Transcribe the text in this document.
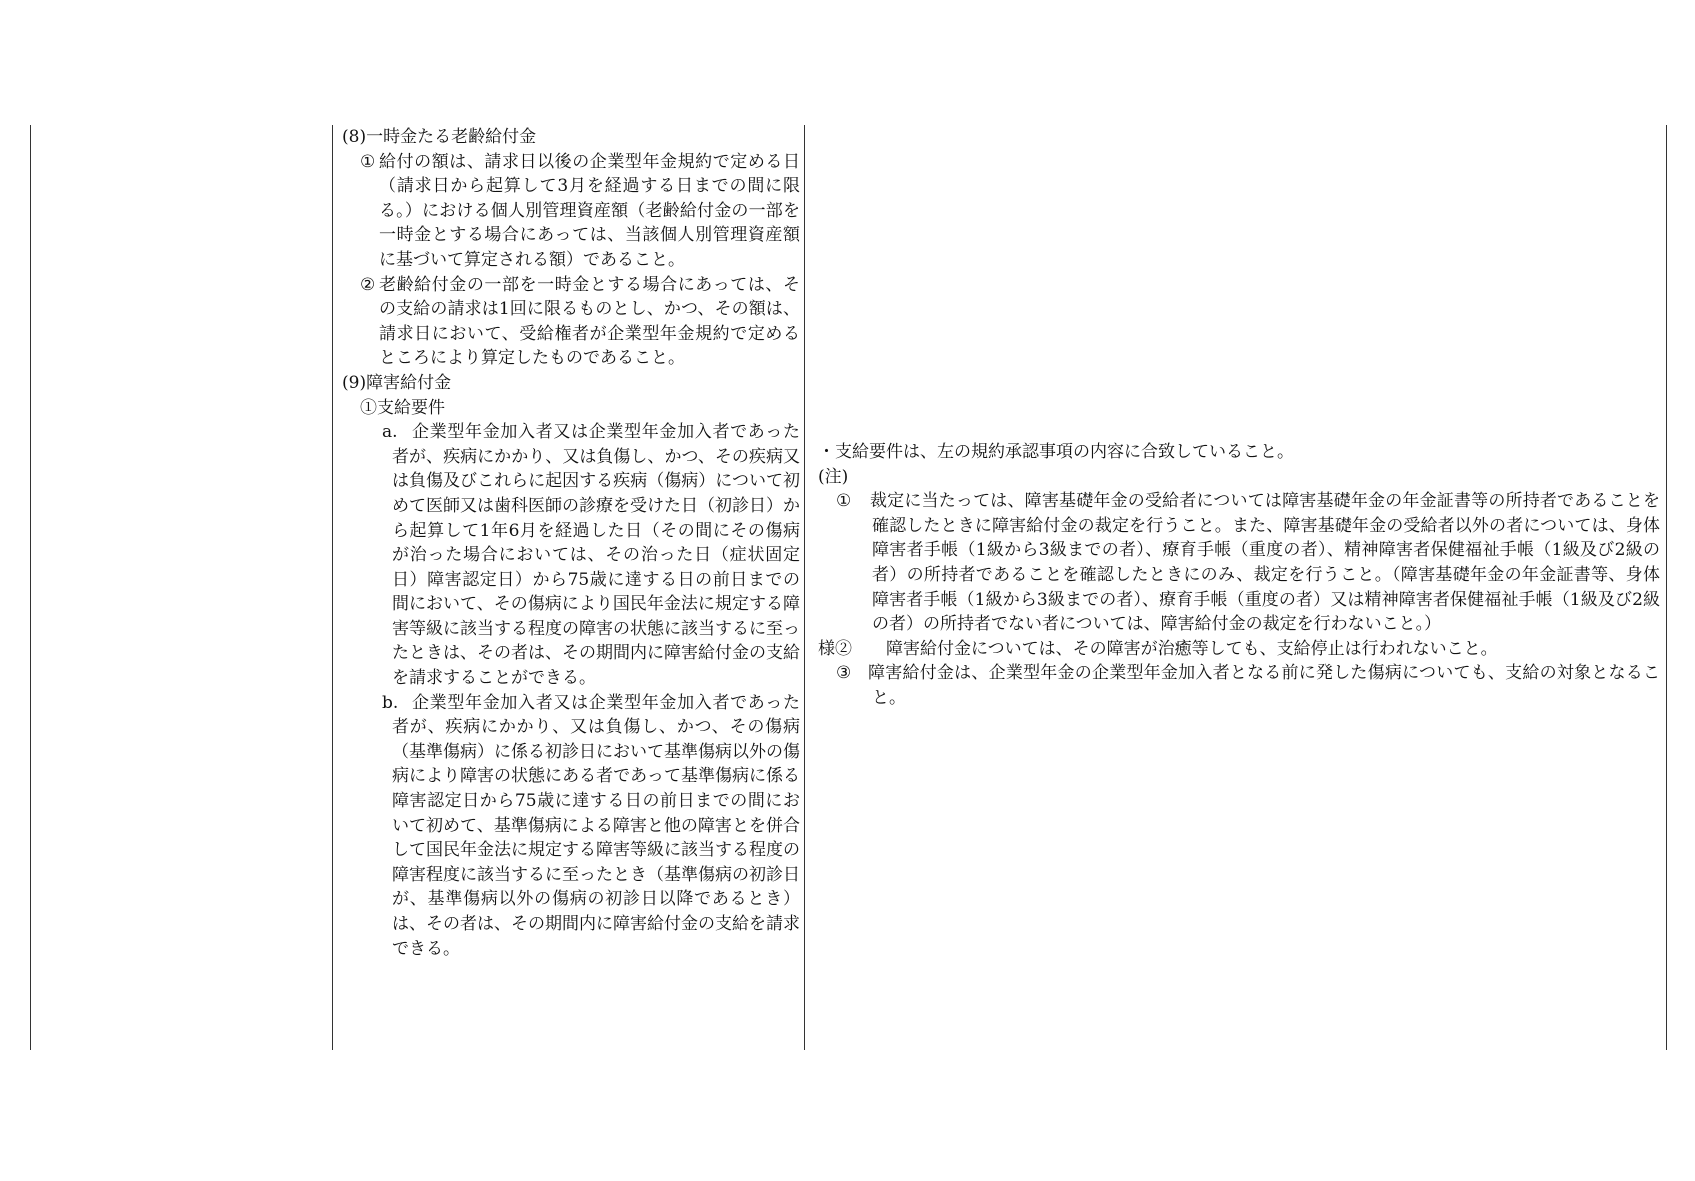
(8)一時金たる老齢給付金
① 給付の額は、請求日以後の企業型年金規約で定める日（請求日から起算して3月を経過する日までの間に限る。）における個人別管理資産額（老齢給付金の一部を一時金とする場合にあっては、当該個人別管理資産額に基づいて算定される額）であること。
② 老齢給付金の一部を一時金とする場合にあっては、その支給の請求は1回に限るものとし、かつ、その額は、請求日において、受給権者が企業型年金規約で定めるところにより算定したものであること。
(9)障害給付金
①支給要件
a. 企業型年金加入者又は企業型年金加入者であった者が、疾病にかかり、又は負傷し、かつ、その疾病又は負傷及びこれらに起因する疾病（傷病）について初めて医師又は歯科医師の診療を受けた日（初診日）から起算して1年6月を経過した日（その間にその傷病が治った場合においては、その治った日（症状固定日）障害認定日）から75歳に達する日の前日までの間において、その傷病により国民年金法に規定する障害等級に該当する程度の障害の状態に該当するに至ったときは、その者は、その期間内に障害給付金の支給を請求することができる。
b. 企業型年金加入者又は企業型年金加入者であった者が、疾病にかかり、又は負傷し、かつ、その傷病（基準傷病）に係る初診日において基準傷病以外の傷病により障害の状態にある者であって基準傷病に係る障害認定日から75歳に達する日の前日までの間において初めて、基準傷病による障害と他の障害とを併合して国民年金法に規定する障害等級に該当する程度の障害程度に該当するに至ったとき（基準傷病の初診日が、基準傷病以外の傷病の初診日以降であるとき）は、その者は、その期間内に障害給付金の支給を請求できる。
・支給要件は、左の規約承認事項の内容に合致していること。
(注)
① 裁定に当たっては、障害基礎年金の受給者については障害基礎年金の年金証書等の所持者であることを確認したときに障害給付金の裁定を行うこと。また、障害基礎年金の受給者以外の者については、身体障害者手帳（1級から3級までの者）、療育手帳（重度の者）、精神障害者保健福祉手帳（1級及び2級の者）の所持者であることを確認したときにのみ、裁定を行うこと。（障害基礎年金の年金証書等、身体障害者手帳（1級から3級までの者）、療育手帳（重度の者）又は精神障害者保健福祉手帳（1級及び2級の者）の所持者でない者については、障害給付金の裁定を行わないこと。）
様② 障害給付金については、その障害が治癒等しても、支給停止は行われないこと。
③ 障害給付金は、企業型年金の企業型年金加入者となる前に発した傷病についても、支給の対象となること。
